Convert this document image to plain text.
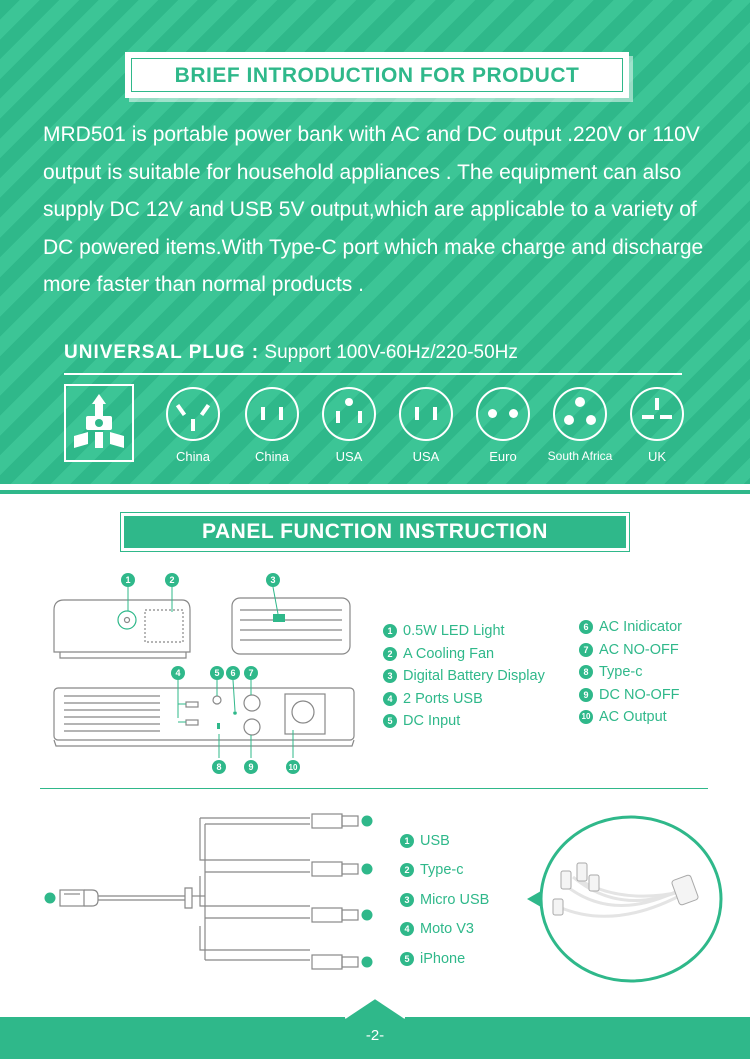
BRIEF INTRODUCTION FOR PRODUCT
MRD501 is portable power bank with AC and DC output .220V or 110V output is suitable for household appliances . The equipment can also supply DC 12V and USB 5V output,which are applicable to a variety of DC powered items.With Type-C port which make charge and discharge more faster than normal products .
UNIVERSAL PLUG : Support 100V-60Hz/220-50Hz
China	China	USA	USA	Euro	South Africa	UK
PANEL FUNCTION INSTRUCTION
1	2	3
4	5 6 7
8	9	10
1 0.5W LED Light
2 A Cooling Fan
3 Digital Battery Display
4 2 Ports USB
5 DC Input
6 AC Inidicator
7 AC NO-OFF
8 Type-c
9 DC NO-OFF
10 AC Output
1 USB
2 Type-c
3 Micro USB
4 Moto V3
5 iPhone
-2-
